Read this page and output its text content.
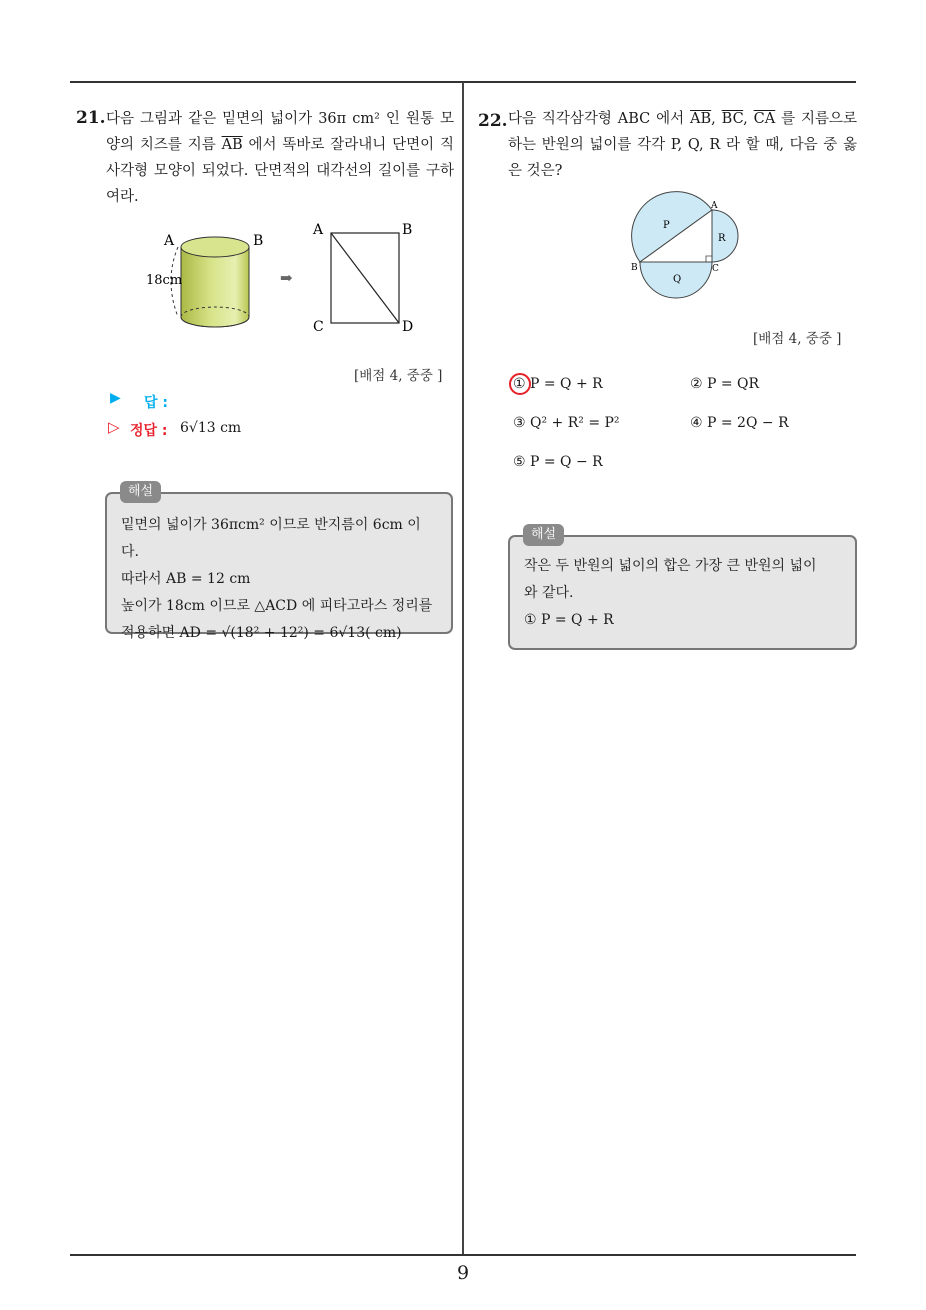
21. 다음 그림과 같은 밑면의 넓이가 36π cm² 인 원통 모양의 치즈를 지름 $\overline{AB}$ 에서 똑바로 잘라내니 단면이 직사각형 모양이 되었다. 단면적의 대각선의 길이를 구하여라.
A	B
18cm	➡
A	B
C	D
[배점 4, 중중 ]
▶ 답 :
▷ 정답 : 6√13 cm
밑면의 넓이가 36πcm² 이므로 반지름이 6cm 이다.
따라서 AB = 12 cm
높이가 18cm 이므로 △ACD 에 피타고라스 정리를
적용하면 AD = √(18² + 12²) = 6√13( cm)
해설
22. 다음 직각삼각형 ABC 에서 $\overline{AB}$, $\overline{BC}$, $\overline{CA}$ 를 지름으로 하는 반원의 넓이를 각각 P, Q, R 라 할 때, 다음 중 옳은 것은?
P
Q
R
A
B	C
[배점 4, 중중 ]
① P = Q + R	② P = QR
③ Q² + R² = P²	④ P = 2Q − R
⑤ P = Q − R
작은 두 반원의 넓이의 합은 가장 큰 반원의 넓이
와 같다.
① P = Q + R
해설
9
